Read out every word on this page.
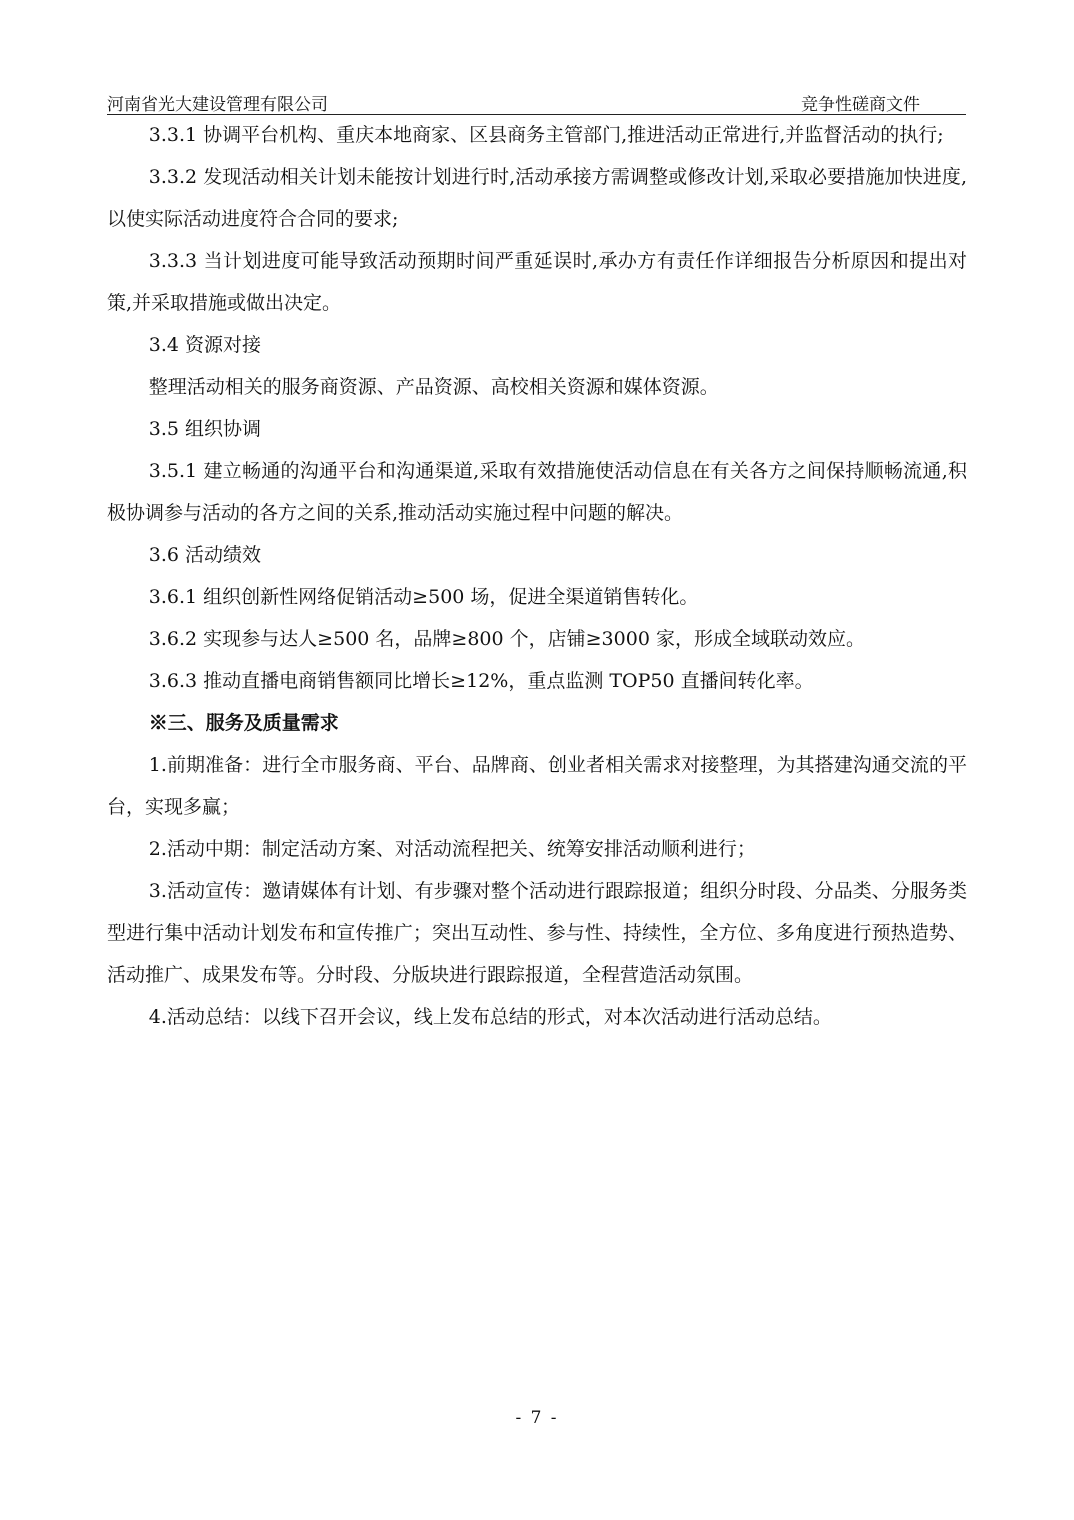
河南省光大建设管理有限公司	竞争性磋商文件

3.3.1 协调平台机构、重庆本地商家、区县商务主管部门,推进活动正常进行,并监督活动的执行;

3.3.2 发现活动相关计划未能按计划进行时,活动承接方需调整或修改计划,采取必要措施加快进度,以使实际活动进度符合合同的要求;

3.3.3 当计划进度可能导致活动预期时间严重延误时,承办方有责任作详细报告分析原因和提出对策,并采取措施或做出决定。

3.4 资源对接

整理活动相关的服务商资源、产品资源、高校相关资源和媒体资源。

3.5 组织协调

3.5.1 建立畅通的沟通平台和沟通渠道,采取有效措施使活动信息在有关各方之间保持顺畅流通,积极协调参与活动的各方之间的关系,推动活动实施过程中问题的解决。

3.6 活动绩效

3.6.1 组织创新性网络促销活动≥500 场，促进全渠道销售转化。

3.6.2 实现参与达人≥500 名，品牌≥800 个，店铺≥3000 家，形成全域联动效应。

3.6.3 推动直播电商销售额同比增长≥12%，重点监测 TOP50 直播间转化率。

※三、服务及质量需求

1.前期准备：进行全市服务商、平台、品牌商、创业者相关需求对接整理，为其搭建沟通交流的平台，实现多赢；

2.活动中期：制定活动方案、对活动流程把关、统筹安排活动顺利进行；

3.活动宣传：邀请媒体有计划、有步骤对整个活动进行跟踪报道；组织分时段、分品类、分服务类型进行集中活动计划发布和宣传推广；突出互动性、参与性、持续性，全方位、多角度进行预热造势、活动推广、成果发布等。分时段、分版块进行跟踪报道，全程营造活动氛围。

4.活动总结：以线下召开会议，线上发布总结的形式，对本次活动进行活动总结。

- 7 -
